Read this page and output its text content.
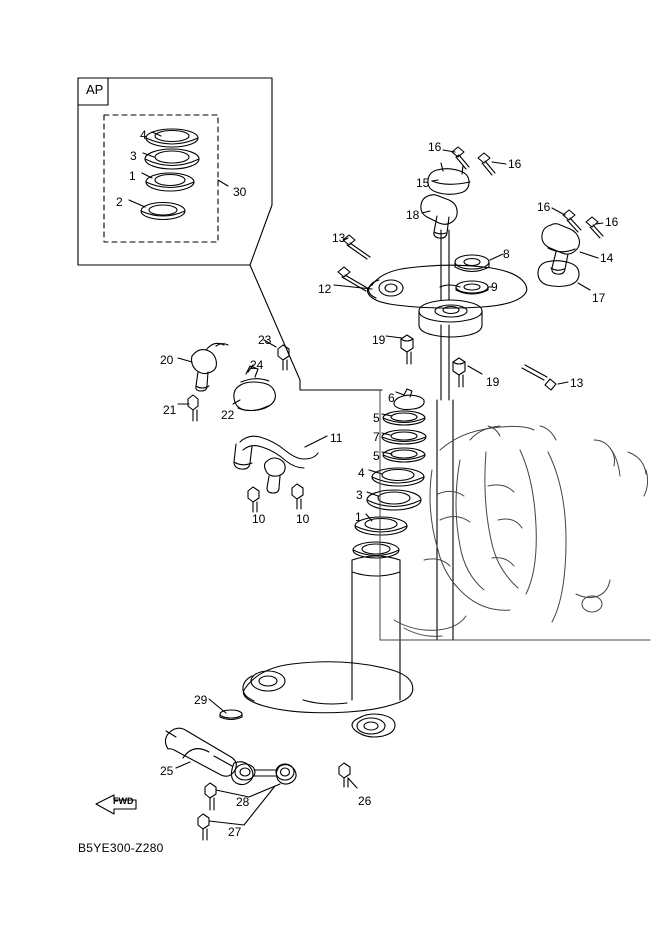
AP
FWD
B5YE300-Z280
4
3
1
2
30
16
16
15
16
16
18
13
8	14
12	9
17
19
19	13
23
20	24
6
21	22	5
7
11
5
4
3
1
10	10
29
25
26
28
27
